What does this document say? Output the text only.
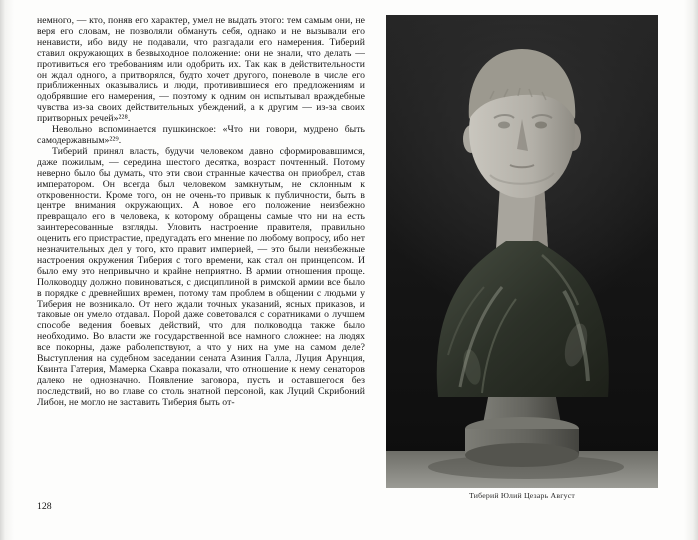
немного, — кто, поняв его характер, умел не выдать этого: тем самым они, не веря его словам, не позволяли обмануть себя, однако и не вызывали его ненависти, ибо виду не подавали, что разгадали его намерения. Тиберий ставил окружающих в безвыходное положение: они не знали, что делать — противиться его требованиям или одобрить их. Так как в действительности он ждал одного, а притворялся, будто хочет другого, поневоле в числе его приближенных оказывались и люди, противившиеся его предложениям и одобрявшие его намерения, — поэтому к одним он испытывал враждебные чувства из-за своих действительных убеждений, а к другим — из-за своих притворных речей»²²⁸.

Невольно вспоминается пушкинское: «Что ни говори, мудрено быть самодержавным»²²⁹.

Тиберий принял власть, будучи человеком давно сформировавшимся, даже пожилым, — середина шестого десятка, возраст почтенный. Потому неверно было бы думать, что эти свои странные качества он приобрел, став императором. Он всегда был человеком замкнутым, не склонным к откровенности. Кроме того, он не очень-то привык к публичности, быть в центре внимания окружающих. А новое его положение неизбежно превращало его в человека, к которому обращены самые что ни на есть заинтересованные взгляды. Уловить настроение правителя, правильно оценить его пристрастие, предугадать его мнение по любому вопросу, ибо нет незначительных дел у того, кто правит империей, — это были неизбежные настроения окружения Тиберия с того времени, как стал он принцепсом. И было ему это непривычно и крайне неприятно. В армии отношения проще. Полководцу должно повиноваться, с дисциплиной в римской армии все было в порядке с древнейших времен, потому там проблем в общении с людьми у Тиберия не возникало. От него ждали точных указаний, ясных приказов, и таковые он умело отдавал. Порой даже советовался с соратниками о лучшем способе ведения боевых действий, что для полководца также было необходимо. Во власти же государственной все намного сложнее: на людях все покорны, даже раболепствуют, а что у них на уме на самом деле? Выступления на судебном заседании сената Азиния Галла, Луция Арунция, Квинта Гатерия, Мамерка Скавра показали, что отношение к нему сенаторов далеко не однозначно. Появление заговора, пусть и оставшегося без последствий, но во главе со столь знатной персоной, как Луций Скрибоний Либон, не могло не заставить Тиберия быть от-

128
Тиберий Юлий Цезарь Август
